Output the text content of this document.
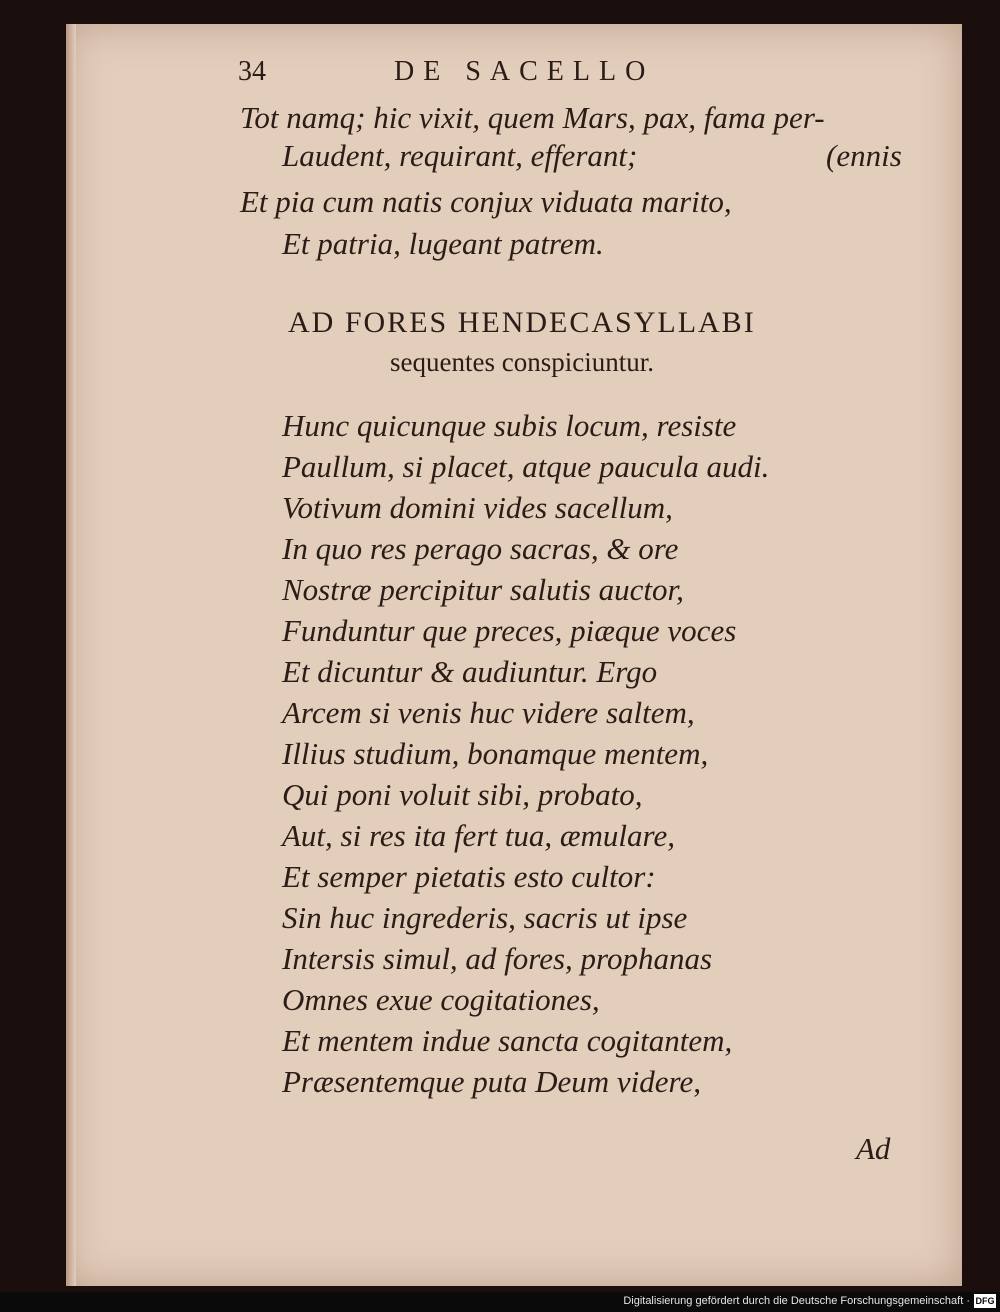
34	DE SACELLO
Tot namq; hic vixit, quem Mars, pax, fama per-
Laudent, requirant, efferant;	(ennis
Et pia cum natis conjux viduata marito,
Et patria, lugeant patrem.
AD FORES HENDECASYLLABI
sequentes conspiciuntur.
Hunc quicunque subis locum, resiste
Paullum, si placet, atque paucula audi.
Votivum domini vides sacellum,
In quo res perago sacras, & ore
Nostræ percipitur salutis auctor,
Funduntur que preces, piæque voces
Et dicuntur & audiuntur. Ergo
Arcem si venis huc videre saltem,
Illius studium, bonamque mentem,
Qui poni voluit sibi, probato,
Aut, si res ita fert tua, æmulare,
Et semper pietatis esto cultor:
Sin huc ingrederis, sacris ut ipse
Intersis simul, ad fores, prophanas
Omnes exue cogitationes,
Et mentem indue sancta cogitantem,
Præsentemque puta Deum videre,
Ad
Digitalisierung gefördert durch die Deutsche Forschungsgemeinschaft · DFG
